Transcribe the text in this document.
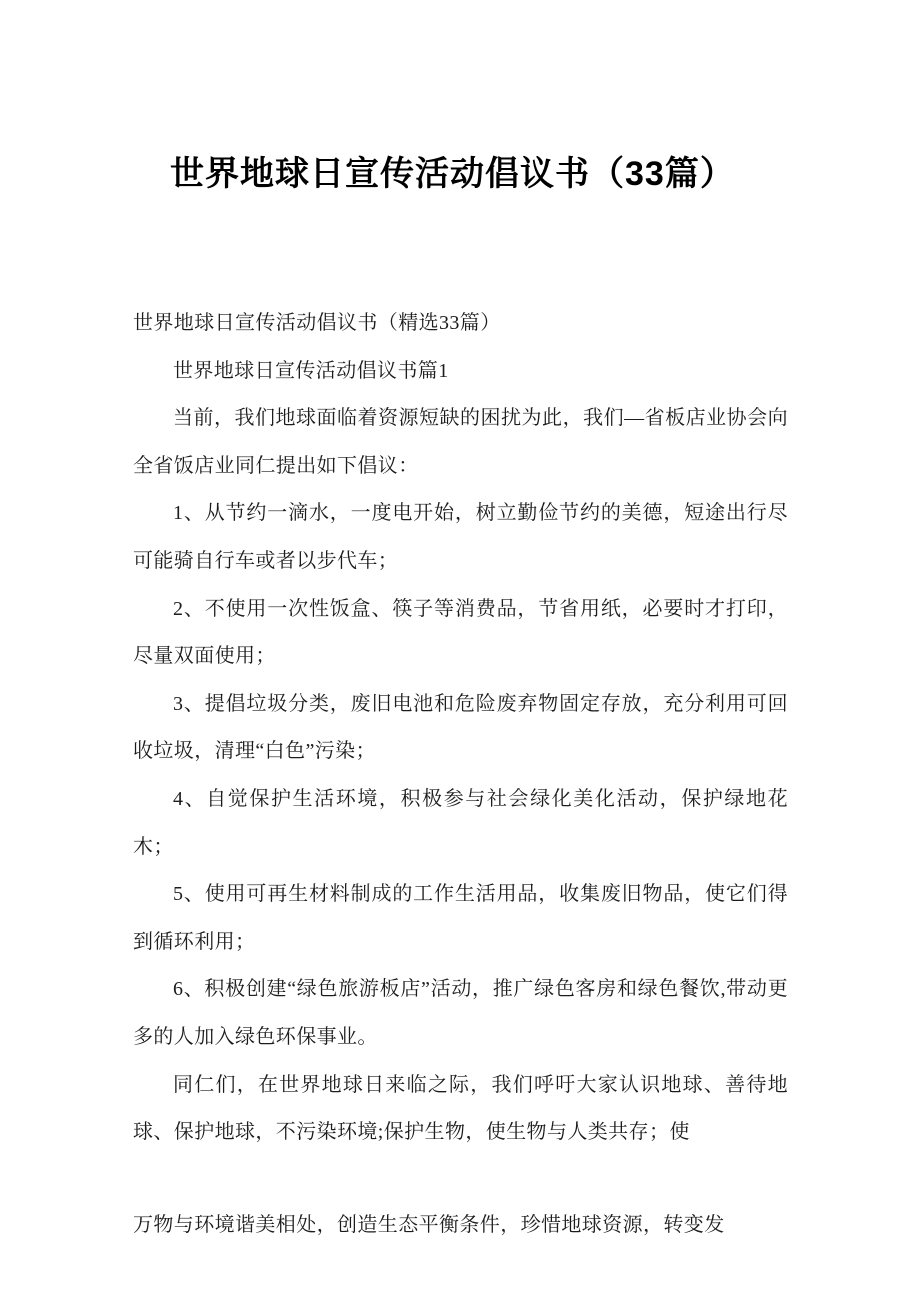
世界地球日宣传活动倡议书（33篇）

世界地球日宣传活动倡议书（精选33篇）

世界地球日宣传活动倡议书篇1

当前，我们地球面临着资源短缺的困扰为此，我们—省板店业协会向全省饭店业同仁提出如下倡议：

1、从节约一滴水，一度电开始，树立勤俭节约的美德，短途出行尽可能骑自行车或者以步代车；

2、不使用一次性饭盒、筷子等消费品，节省用纸，必要时才打印，尽量双面使用；

3、提倡垃圾分类，废旧电池和危险废弃物固定存放，充分利用可回收垃圾，清理“白色”污染；

4、自觉保护生活环境，积极参与社会绿化美化活动，保护绿地花木；

5、使用可再生材料制成的工作生活用品，收集废旧物品，使它们得到循环利用；

6、积极创建“绿色旅游板店”活动，推广绿色客房和绿色餐饮,带动更多的人加入绿色环保事业。

同仁们，在世界地球日来临之际，我们呼吁大家认识地球、善待地球、保护地球，不污染环境;保护生物，使生物与人类共存；使

万物与环境谐美相处，创造生态平衡条件，珍惜地球资源，转变发
